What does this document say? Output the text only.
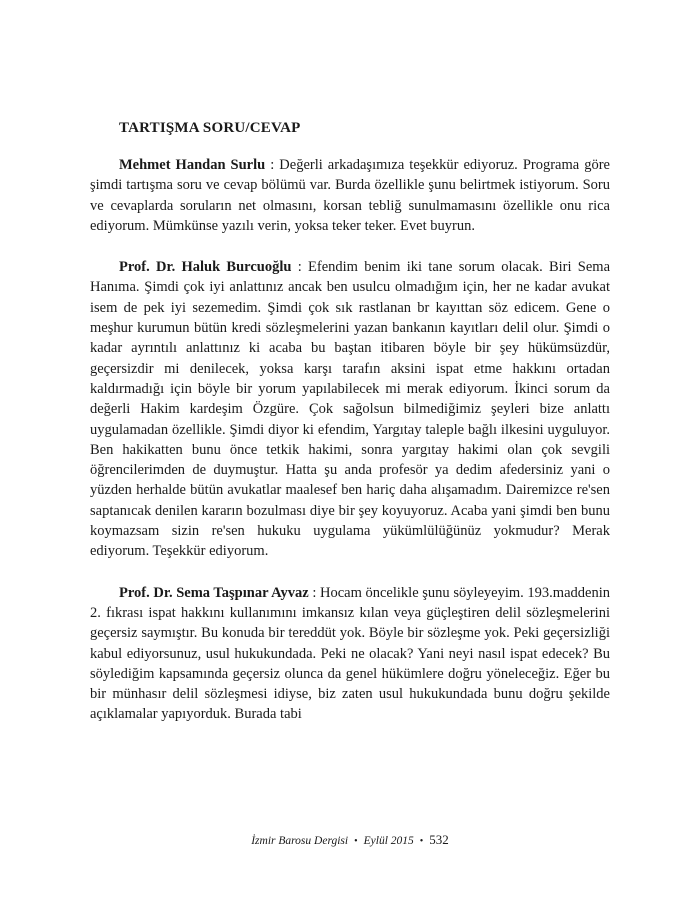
TARTIŞMA SORU/CEVAP

Mehmet Handan Surlu : Değerli arkadaşımıza teşekkür ediyoruz. Programa göre şimdi tartışma soru ve cevap bölümü var. Burda özellikle şunu belirtmek istiyorum. Soru ve cevaplarda soruların net olmasını, korsan tebliğ sunulmamasını özellikle onu rica ediyorum. Mümkünse yazılı verin, yoksa teker teker. Evet buyrun.

Prof. Dr. Haluk Burcuoğlu : Efendim benim iki tane sorum olacak. Biri Sema Hanıma. Şimdi çok iyi anlattınız ancak ben usulcu olmadığım için, her ne kadar avukat isem de pek iyi sezemedim. Şimdi çok sık rastlanan br kayıttan söz edicem. Gene o meşhur kurumun bütün kredi sözleşmelerini yazan bankanın kayıtları delil olur. Şimdi o kadar ayrıntılı anlattınız ki acaba bu baştan itibaren böyle bir şey hükümsüzdür, geçersizdir mi denilecek, yoksa karşı tarafın aksini ispat etme hakkını ortadan kaldırmadığı için böyle bir yorum yapılabilecek mi merak ediyorum. İkinci sorum da değerli Hakim kardeşim Özgüre. Çok sağolsun bilmediğimiz şeyleri bize anlattı uygulamadan özellikle. Şimdi diyor ki efendim, Yargıtay taleple bağlı ilkesini uyguluyor. Ben hakikatten bunu önce tetkik hakimi, sonra yargıtay hakimi olan çok sevgili öğrencilerimden de duymuştur. Hatta şu anda profesör ya dedim afedersiniz yani o yüzden herhalde bütün avukatlar maalesef ben hariç daha alışamadım. Dairemizce re'sen saptanıcak denilen kararın bozulması diye bir şey koyuyoruz. Acaba yani şimdi ben bunu koymazsam sizin re'sen hukuku uygulama yükümlülüğünüz yokmudur? Merak ediyorum. Teşekkür ediyorum.

Prof. Dr. Sema Taşpınar Ayvaz : Hocam öncelikle şunu söyleyeyim. 193.maddenin 2. fıkrası ispat hakkını kullanımını imkansız kılan veya güçleştiren delil sözleşmelerini geçersiz saymıştır. Bu konuda bir tereddüt yok. Böyle bir sözleşme yok. Peki geçersizliği kabul ediyorsunuz, usul hukukundada. Peki ne olacak? Yani neyi nasıl ispat edecek? Bu söylediğim kapsamında geçersiz olunca da genel hükümlere doğru yöneleceğiz. Eğer bu bir münhasır delil sözleşmesi idiyse, biz zaten usul hukukundada bunu doğru şekilde açıklamalar yapıyorduk. Burada tabi

İzmir Barosu Dergisi • Eylül 2015 • 532
